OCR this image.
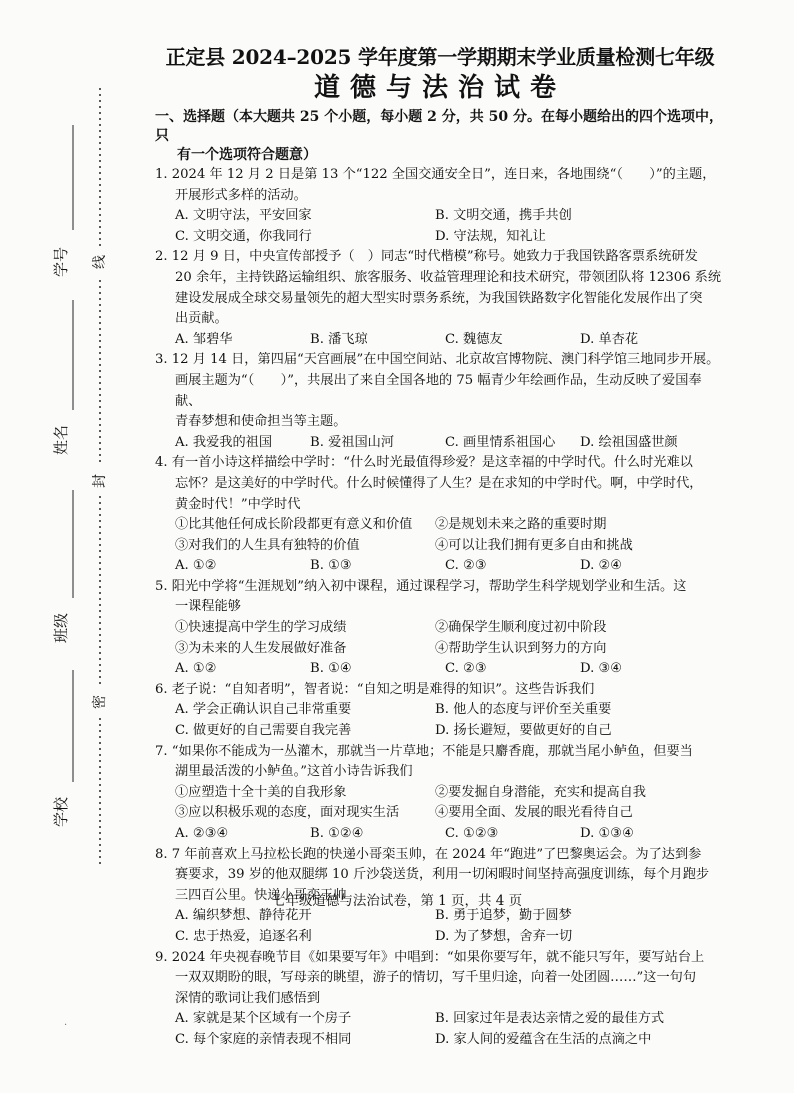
学号
姓名
班级
学校
线
封
密
正定县 2024–2025 学年度第一学期期末学业质量检测七年级
道德与法治试卷
一、选择题（本大题共 25 个小题，每小题 2 分，共 50 分。在每小题给出的四个选项中，只
有一个选项符合题意）
1. 2024 年 12 月 2 日是第 13 个“122 全国交通安全日”，连日来，各地围绕“（　　）”的主题，
开展形式多样的活动。
A. 文明守法，平安回家	B. 文明交通，携手共创
C. 文明交通，你我同行	D. 守法规，知礼让
2. 12 月 9 日，中央宣传部授予（　）同志“时代楷模”称号。她致力于我国铁路客票系统研发
20 余年，主持铁路运输组织、旅客服务、收益管理理论和技术研究，带领团队将 12306 系统
建设发展成全球交易量领先的超大型实时票务系统，为我国铁路数字化智能化发展作出了突
出贡献。
A. 邹碧华	B. 潘飞琼	C. 魏德友	D. 单杏花
3. 12 月 14 日，第四届“天宫画展”在中国空间站、北京故宫博物院、澳门科学馆三地同步开展。
画展主题为“（　　）”，共展出了来自全国各地的 75 幅青少年绘画作品，生动反映了爱国奉献、
青春梦想和使命担当等主题。
A. 我爱我的祖国	B. 爱祖国山河	C. 画里情系祖国心	D. 绘祖国盛世颜
4. 有一首小诗这样描绘中学时：“什么时光最值得珍爱？是这幸福的中学时代。什么时光难以
忘怀？是这美好的中学时代。什么时候懂得了人生？是在求知的中学时代。啊，中学时代，
黄金时代！”中学时代
①比其他任何成长阶段都更有意义和价值	②是规划未来之路的重要时期
③对我们的人生具有独特的价值	④可以让我们拥有更多自由和挑战
A. ①②	B. ①③	C. ②③	D. ②④
5. 阳光中学将“生涯规划”纳入初中课程，通过课程学习，帮助学生科学规划学业和生活。这
一课程能够
①快速提高中学生的学习成绩	②确保学生顺利度过初中阶段
③为未来的人生发展做好准备	④帮助学生认识到努力的方向
A. ①②	B. ①④	C. ②③	D. ③④
6. 老子说：“自知者明”，智者说：“自知之明是难得的知识”。这些告诉我们
A. 学会正确认识自己非常重要	B. 他人的态度与评价至关重要
C. 做更好的自己需要自我完善	D. 扬长避短，要做更好的自己
7. “如果你不能成为一丛灌木，那就当一片草地；不能是只麝香鹿，那就当尾小鲈鱼，但要当
湖里最活泼的小鲈鱼。”这首小诗告诉我们
①应塑造十全十美的自我形象	②要发掘自身潜能，充实和提高自我
③应以积极乐观的态度，面对现实生活	④要用全面、发展的眼光看待自己
A. ②③④	B. ①②④	C. ①②③	D. ①③④
8. 7 年前喜欢上马拉松长跑的快递小哥栾玉帅，在 2024 年“跑进”了巴黎奥运会。为了达到参
赛要求，39 岁的他双腿绑 10 斤沙袋送货，利用一切闲暇时间坚持高强度训练，每个月跑步
三四百公里。快递小哥栾玉帅
A. 编织梦想、静待花开	B. 勇于追梦，勤于圆梦
C. 忠于热爱，追逐名利	D. 为了梦想，舍弃一切
9. 2024 年央视春晚节目《如果要写年》中唱到：“如果你要写年，就不能只写年，要写站台上
一双双期盼的眼，写母亲的眺望，游子的情切，写千里归途，向着一处团圆……”这一句句
深情的歌词让我们感悟到
A. 家就是某个区域有一个房子	B. 回家过年是表达亲情之爱的最佳方式
C. 每个家庭的亲情表现不相同	D. 家人间的爱蕴含在生活的点滴之中
七年级道德与法治试卷，第 1 页，共 4 页
·
